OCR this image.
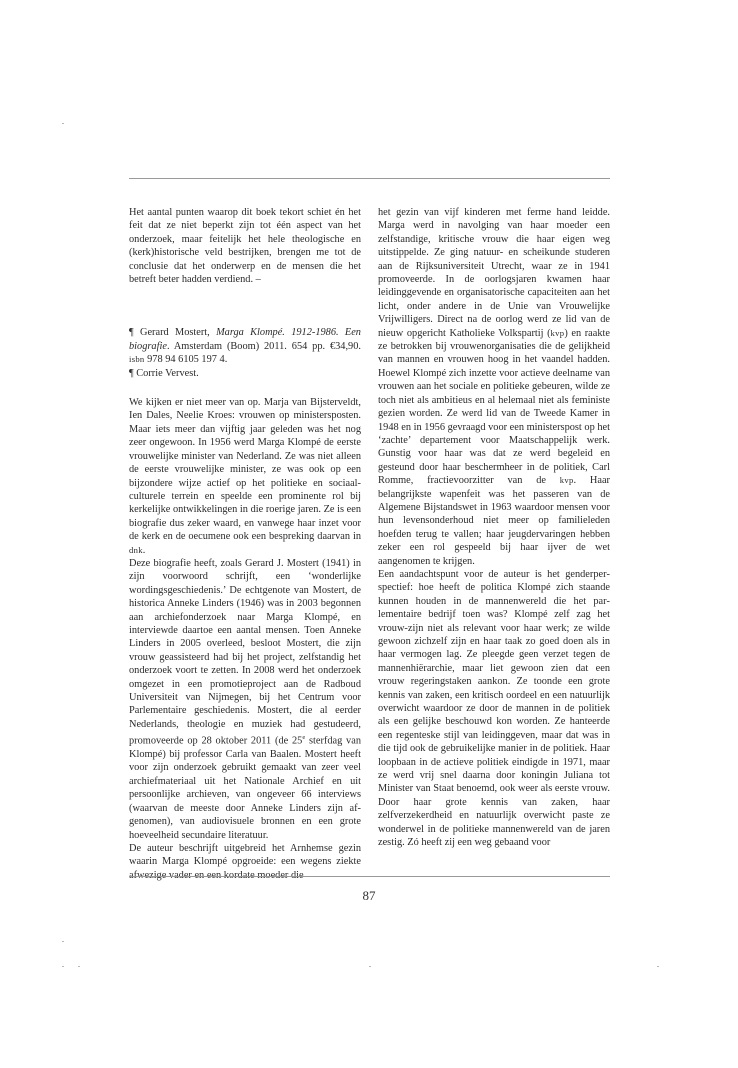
Het aantal punten waarop dit boek tekort schiet én het feit dat ze niet beperkt zijn tot één aspect van het onderzoek, maar feitelijk het hele theologische en (kerk)historische veld bestrijken, brengen me tot de conclusie dat het onderwerp en de mensen die het betreft beter hadden verdiend. –

¶ Gerard Mostert, Marga Klompé. 1912-1986. Een biografie. Amsterdam (Boom) 2011. 654 pp. €34,90. isbn 978 94 6105 197 4.

¶ Corrie Vervest.

We kijken er niet meer van op. Marja van Bijsterveldt, Ien Dales, Neelie Kroes: vrouwen op ministersposten. Maar iets meer dan vijftig jaar geleden was het nog zeer ongewoon. In 1956 werd Marga Klompé de eerste vrouwelijke minister van Nederland. Ze was niet alleen de eerste vrouwelijke minister, ze was ook op een bijzondere wijze actief op het politieke en sociaal-culturele terrein en speelde een prominente rol bij kerkelijke ontwikkelingen in die roerige jaren. Ze is een biografie dus zeker waard, en vanwege haar inzet voor de kerk en de oecumene ook een bespreking daarvan in dnk.

Deze biografie heeft, zoals Gerard J. Mostert (1941) in zijn voorwoord schrijft, een ‘wonderlijke wordingsgeschiedenis.’ De echtgenote van Mostert, de historica Anneke Linders (1946) was in 2003 begonnen aan archiefonderzoek naar Marga Klompé, en interviewde daartoe een aantal mensen. Toen Anneke Linders in 2005 overleed, besloot Mostert, die zijn vrouw geassisteerd had bij het project, zelfstandig het onderzoek voort te zetten. In 2008 werd het onderzoek omgezet in een promotieproject aan de Radboud Universiteit van Nijmegen, bij het Centrum voor Parlementaire geschiedenis. Mostert, die al eerder Nederlands, theologie en muziek had gestudeerd, promoveerde op 28 oktober 2011 (de 25e sterfdag van Klompé) bij professor Carla van Baalen. Mostert heeft voor zijn onderzoek gebruikt gemaakt van zeer veel archiefmateriaal uit het Nationale Archief en uit persoonlijke archieven, van ongeveer 66 interviews (waarvan de meeste door Anneke Linders zijn afgenomen), van audiovisuele bronnen en een grote hoeveelheid secundaire literatuur.

De auteur beschrijft uitgebreid het Arnhemse gezin waarin Marga Klompé opgroeide: een wegens ziekte afwezige vader en een kordate moeder die

het gezin van vijf kinderen met ferme hand leidde. Marga werd in navolging van haar moeder een zelfstandige, kritische vrouw die haar eigen weg uitstippelde. Ze ging natuur- en scheikunde studeren aan de Rijksuniversiteit Utrecht, waar ze in 1941 promoveerde. In de oorlogsjaren kwamen haar leidinggevende en organisatorische capaciteiten aan het licht, onder andere in de Unie van Vrouwelijke Vrijwilligers. Direct na de oorlog werd ze lid van de nieuw opgericht Katholieke Volkspartij (kvp) en raakte ze betrokken bij vrouwenorganisaties die de gelijkheid van mannen en vrouwen hoog in het vaandel hadden. Hoewel Klompé zich inzette voor actieve deelname van vrouwen aan het sociale en politieke gebeuren, wilde ze toch niet als ambitieus en al helemaal niet als feministe gezien worden. Ze werd lid van de Tweede Kamer in 1948 en in 1956 gevraagd voor een ministerspost op het ‘zachte’ departement voor Maatschappelijk werk. Gunstig voor haar was dat ze werd begeleid en gesteund door haar beschermheer in de politiek, Carl Romme, fractievoorzitter van de kvp. Haar belangrijkste wapenfeit was het passeren van de Algemene Bijstandswet in 1963 waardoor mensen voor hun levensonderhoud niet meer op familieleden hoefden terug te vallen; haar jeugdervaringen hebben zeker een rol gespeeld bij haar ijver de wet aangenomen te krijgen.

Een aandachtspunt voor de auteur is het genderperspectief: hoe heeft de politica Klompé zich staande kunnen houden in de mannenwereld die het parlementaire bedrijf toen was? Klompé zelf zag het vrouw-zijn niet als relevant voor haar werk; ze wilde gewoon zichzelf zijn en haar taak zo goed doen als in haar vermogen lag. Ze pleegde geen verzet tegen de mannenhiërarchie, maar liet gewoon zien dat een vrouw regeringstaken aankon. Ze toonde een grote kennis van zaken, een kritisch oordeel en een natuurlijk overwicht waardoor ze door de mannen in de politiek als een gelijke beschouwd kon worden. Ze hanteerde een regenteske stijl van leidinggeven, maar dat was in die tijd ook de gebruikelijke manier in de politiek. Haar loopbaan in de actieve politiek eindigde in 1971, maar ze werd vrij snel daarna door koningin Juliana tot Minister van Staat benoemd, ook weer als eerste vrouw. Door haar grote kennis van zaken, haar zelfverzekerdheid en natuurlijk overwicht paste ze wonderwel in de politieke mannenwereld van de jaren zestig. Zó heeft zij een weg gebaand voor

87
